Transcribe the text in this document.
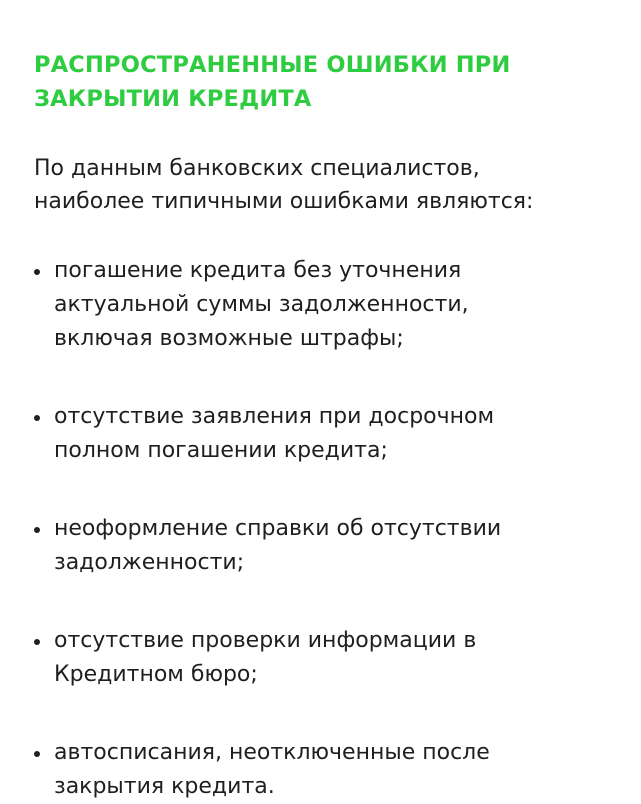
РАСПРОСТРАНЕННЫЕ ОШИБКИ ПРИ
ЗАКРЫТИИ КРЕДИТА

По данным банковских специалистов,
наиболее типичными ошибками являются:

погашение кредита без уточнения
актуальной суммы задолженности,
включая возможные штрафы;
отсутствие заявления при досрочном
полном погашении кредита;
неоформление справки об отсутствии
задолженности;
отсутствие проверки информации в
Кредитном бюро;
автосписания, неотключенные после
закрытия кредита.
